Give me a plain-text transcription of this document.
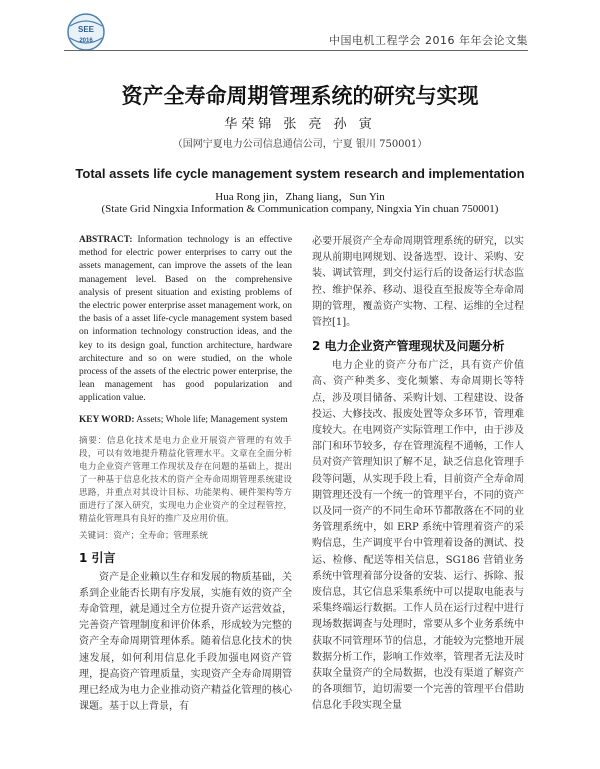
SEE
2016	中国电机工程学会 2016 年年会论文集
资产全寿命周期管理系统的研究与实现
华荣锦 张 亮 孙 寅
（国网宁夏电力公司信息通信公司，宁夏 银川 750001）
Total assets life cycle management system research and implementation
Hua Rong jin，Zhang liang，Sun Yin
(State Grid Ningxia Information & Communication company, Ningxia Yin chuan 750001)

ABSTRACT: Information technology is an effective method for electric power enterprises to carry out the assets management, can improve the assets of the lean management level. Based on the comprehensive analysis of present situation and existing problems of the electric power enterprise asset management work, on the basis of a asset life-cycle management system based on information technology construction ideas, and the key to its design goal, function architecture, hardware architecture and so on were studied, on the whole process of the assets of the electric power enterprise, the lean management has good popularization and application value.

KEY WORD: Assets; Whole life; Management system

摘要：信息化技术是电力企业开展资产管理的有效手段，可以有效地提升精益化管理水平。文章在全面分析电力企业资产管理工作现状及存在问题的基础上，提出了一种基于信息化技术的资产全寿命周期管理系统建设思路，并重点对其设计目标、功能架构、硬件架构等方面进行了深入研究，实现电力企业资产的全过程管控，精益化管理具有良好的推广及应用价值。

关键词：资产；全寿命；管理系统

1 引言

资产是企业赖以生存和发展的物质基础，关系到企业能否长期有序发展，实施有效的资产全寿命管理，就是通过全方位提升资产运营效益，完善资产管理制度和评价体系，形成较为完整的资产全寿命周期管理体系。随着信息化技术的快速发展，如何利用信息化手段加强电网资产管理，提高资产管理质量，实现资产全寿命周期管理已经成为电力企业推动资产精益化管理的核心课题。基于以上背景，有

必要开展资产全寿命周期管理系统的研究，以实现从前期电网规划、设备选型、设计、采购、安装、调试管理，到交付运行后的设备运行状态监控、维护保养、移动、退役直至报废等全寿命周期的管理，覆盖资产实物、工程、运维的全过程管控[1]。

2 电力企业资产管理现状及问题分析

电力企业的资产分布广泛，具有资产价值高、资产种类多、变化频繁、寿命周期长等特点，涉及项目储备、采购计划、工程建设、设备投运、大修技改、报废处置等众多环节，管理难度较大。在电网资产实际管理工作中，由于涉及部门和环节较多，存在管理流程不通畅，工作人员对资产管理知识了解不足，缺乏信息化管理手段等问题，从实现手段上看，目前资产全寿命周期管理还没有一个统一的管理平台，不同的资产以及同一资产的不同生命环节都散落在不同的业务管理系统中，如 ERP 系统中管理着资产的采购信息，生产调度平台中管理着设备的测试、投运、检修、配送等相关信息，SG186 营销业务系统中管理着部分设备的安装、运行、拆除、报废信息，其它信息采集系统中可以提取电能表与采集终端运行数据。工作人员在运行过程中进行现场数据调查与处理时，常要从多个业务系统中获取不同管理环节的信息，才能较为完整地开展数据分析工作，影响工作效率，管理者无法及时获取全量资产的全局数据，也没有渠道了解资产的各项细节，迫切需要一个完善的管理平台借助信息化手段实现全量
